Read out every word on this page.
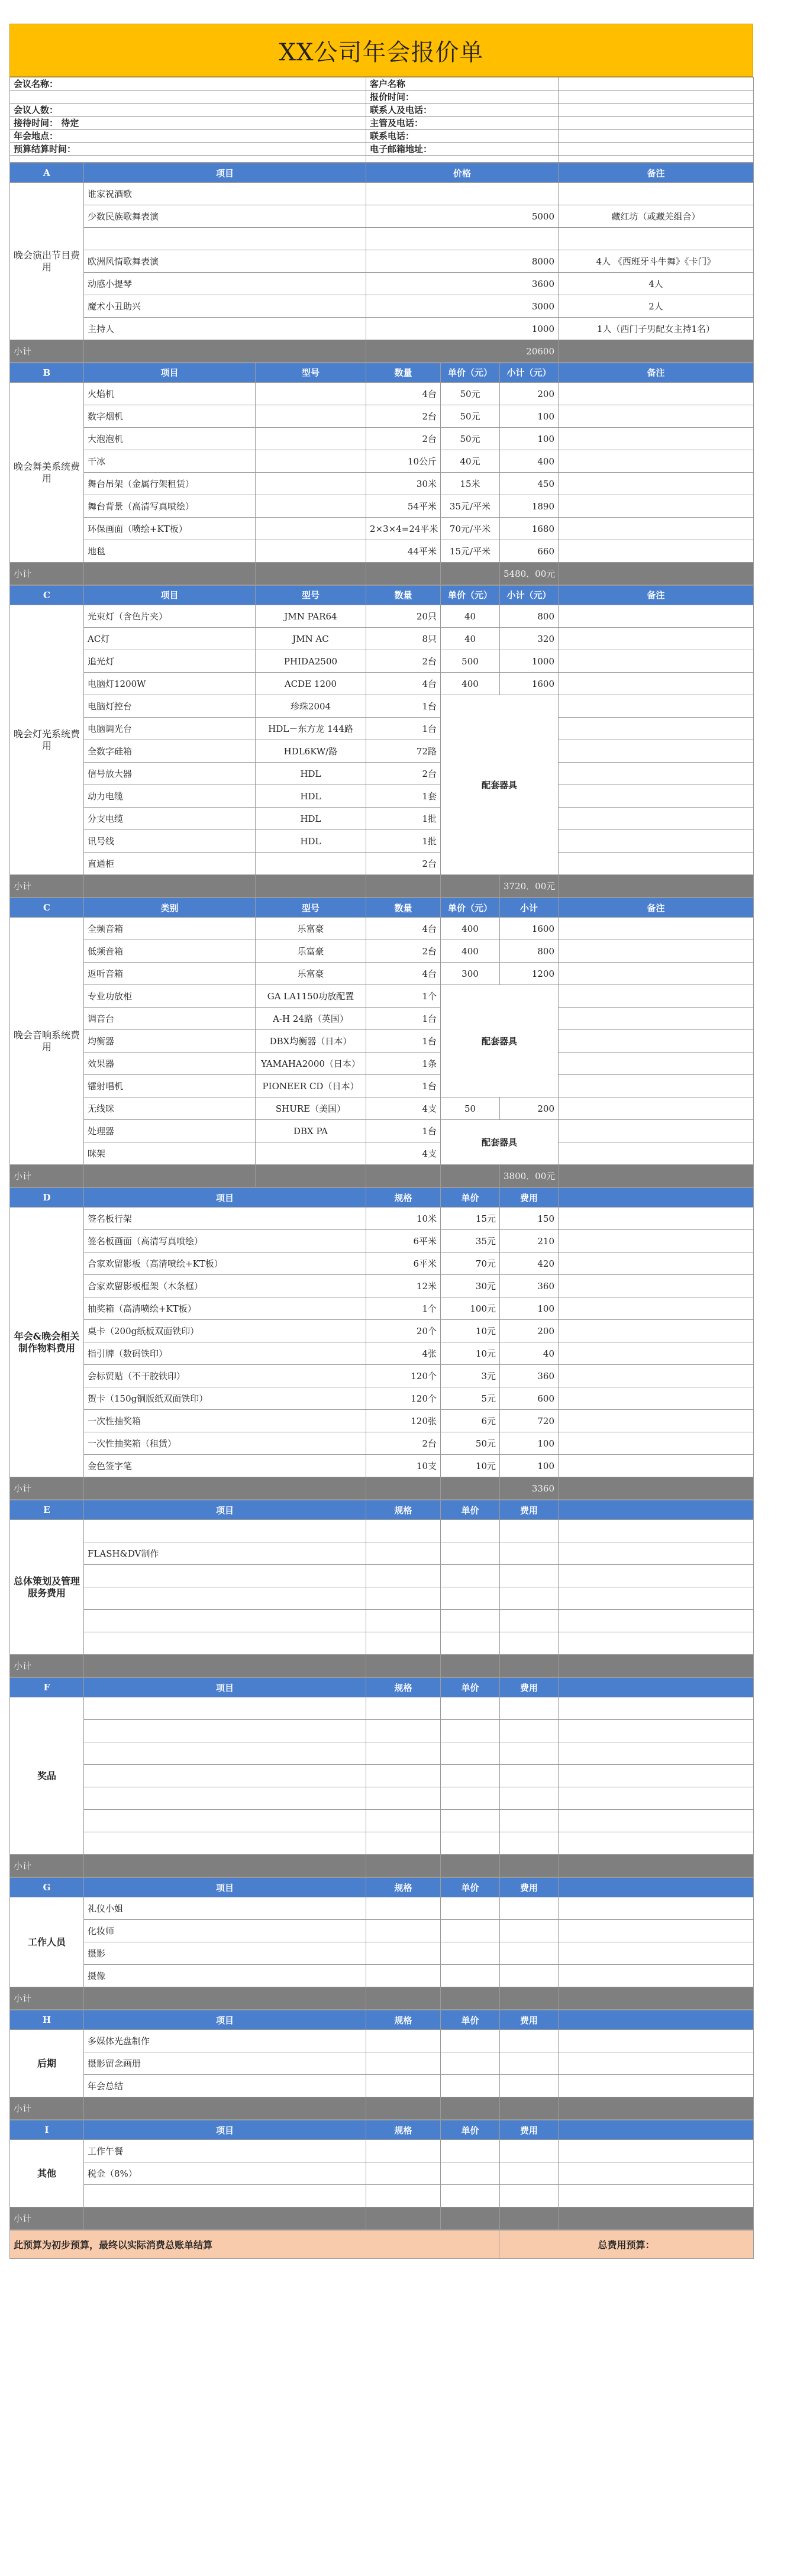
XX公司年会报价单
会议名称：	客户名称	
	报价时间：	
会议人数：	联系人及电话：	
接待时间： 待定	主管及电话：	
年会地点：	联系电话：	
预算结算时间：	电子邮箱地址：	

A	项目	价格	备注
晚会演出节目费用	谁家祝酒歌		
	少数民族歌舞表演	5000	藏红坊（或藏羌组合）

	欧洲风情歌舞表演	8000	4人 《西班牙斗牛舞》《卡门》
	动感小提琴	3600	4人
	魔术小丑助兴	3000	2人
	主持人	1000	1人（西门子男配女主持1名）
小计		20600	
B	项目	型号	数量	单价（元）	小计（元）	备注
晚会舞美系统费用	火焰机		4台	50元	200	
	数字烟机		2台	50元	100	
	大泡泡机		2台	50元	100	
	干冰		10公斤	40元	400	
	舞台吊架（金属行架租赁）		30米	15米	450	
	舞台背景（高清写真喷绘）		54平米	35元/平米	1890	
	环保画面（喷绘+KT板）		2×3×4=24平米	70元/平米	1680	
	地毯		44平米	15元/平米	660	
小计					5480．00元	
C	项目	型号	数量	单价（元）	小计（元）	备注
晚会灯光系统费用	光束灯（含色片夹）	JMN PAR64	20只	40	800	
	AC灯	JMN AC	8只	40	320	
	追光灯	PHIDA2500	2台	500	1000	
	电脑灯1200W	ACDE 1200	4台	400	1600	
	电脑灯控台	珍珠2004	1台	配套器具		
	电脑调光台	HDL－东方龙 144路	1台			
	全数字硅箱	HDL6KW/路	72路			
	信号放大器	HDL	2台			
	动力电缆	HDL	1套			
	分支电缆	HDL	1批			
	讯号线	HDL	1批			
	直通柜		2台			
小计					3720．00元	
C	类别	型号	数量	单价（元）	小计	备注
晚会音响系统费用	全频音箱	乐富豪	4台	400	1600	
	低频音箱	乐富豪	2台	400	800	
	返听音箱	乐富豪	4台	300	1200	
	专业功放柜	GA LA1150功放配置	1个	配套器具		
	调音台	A-H 24路（英国）	1台			
	均衡器	DBX均衡器（日本）	1台			
	效果器	YAMAHA2000（日本）	1条			
	镭射唱机	PIONEER CD（日本）	1台			
	无线咪	SHURE（美国）	4支	50	200	
	处理器	DBX PA	1台	配套器具		
	咪架		4支			
小计					3800．00元	
D	项目	规格	单价	费用	
年会&晚会相关制作物料费用	签名板行架	10米	15元	150	
	签名板画面（高清写真喷绘）	6平米	35元	210	
	合家欢留影板（高清喷绘+KT板）	6平米	70元	420	
	合家欢留影板框架（木条框）	12米	30元	360	
	抽奖箱（高清喷绘+KT板）	1个	100元	100	
	桌卡（200g纸板双面铁印）	20个	10元	200	
	指引牌（数码铁印）	4张	10元	40	
	会标贸贴（不干胶铁印）	120个	3元	360	
	贺卡（150g铜版纸双面铁印）	120个	5元	600	
	一次性抽奖箱	120张	6元	720	
	一次性抽奖箱（租赁）	2台	50元	100	
	金色签字笔	10支	10元	100	
小计				3360	
E	项目	规格	单价	费用	
总体策划及管理服务费用					
	FLASH&DV制作				

小计					
F	项目	规格	单价	费用	
奖品					

小计					
G	项目	规格	单价	费用	
工作人员	礼仪小姐				
	化妆师				
	摄影				
	摄像				
小计					
H	项目	规格	单价	费用	
后期	多媒体光盘制作				
	摄影留念画册				
	年会总结				
小计					
I	项目	规格	单价	费用	
其他	工作午餐				
	税金（8%）				

小计					
此预算为初步预算，最终以实际消费总账单结算	总费用预算：
